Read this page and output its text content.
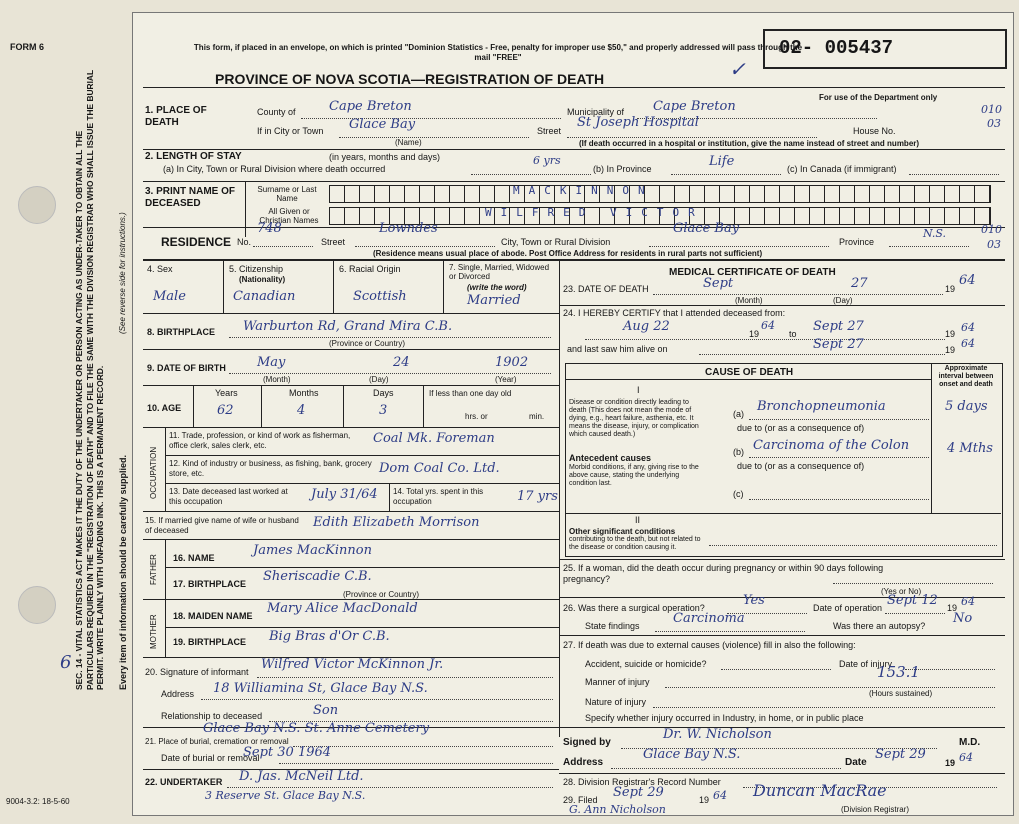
FORM 6
6
9004-3.2: 18-5-60
SEC. 14 - VITAL STATISTICS ACT MAKES IT THE DUTY OF THE UNDERTAKER OR PERSON ACTING AS UNDER-TAKER TO OBTAIN ALL THE PARTICULARS REQUIRED IN THE "REGISTRATION OF DEATH" AND TO FILE THE SAME WITH THE DIVISION REGISTRAR WHO SHALL ISSUE THE BURIAL PERMIT. WRITE PLAINLY WITH UNFADING INK. THIS IS A PERMANENT RECORD. Every item of information should be carefully supplied.
(See reverse side for instructions.)
This form, if placed in an envelope, on which is printed "Dominion Statistics - Free, penalty for improper use $50," and properly addressed will pass through the mail "FREE"
PROVINCE OF NOVA SCOTIA—REGISTRATION OF DEATH
02- 005437
✓
For use of the Department only
1. PLACE OF DEATH
County of	Cape Breton	Municipality of Cape Breton	010
03
If in City or Town Glace Bay
(Name)
Street
St Joseph Hospital
House No.
(If death occurred in a hospital or institution, give the name instead of street and number)
2. LENGTH OF STAY	(in years, months and days)
(a) In City, Town or Rural Division where death occurred
6 yrs
(b) In Province	Life	(c) In Canada (if immigrant)
3. PRINT NAME OF DECEASED
Surname or Last Name
MACKINNON
All Given or Christian Names
WILFRED VICTOR
RESIDENCE No.
748
Street
Lowndes
City, Town or Rural Division
Glace Bay
Province
N.S.	010
03
(Residence means usual place of abode. Post Office Address for residents in rural parts not sufficient)
4. Sex
Male
5. Citizenship
(Nationality)
Canadian
6. Racial Origin
Scottish
7. Single, Married, Widowed or Divorced
(write the word)
Married
8. BIRTHPLACE Warburton Rd, Grand Mira C.B.
(Province or Country)
9. DATE OF BIRTH May	24	1902
(Month)	(Day)	(Year)
10. AGE
Years	Months	Days
62	4	3
If less than one day old
hrs. or	min.
OCCUPATION
11. Trade, profession, or kind of work as fisherman, office clerk, sales clerk, etc.	Coal Mk. Foreman
12. Kind of industry or business, as fishing, bank, grocery store, etc.	Dom Coal Co. Ltd.
13. Date deceased last worked at this occupation	July 31/64 14. Total yrs. spent in this occupation	17 yrs
15. If married give name of wife or husband of deceased
Edith Elizabeth Morrison
FATHER 16. NAME	James MacKinnon
17. BIRTHPLACE Sheriscadie C.B.
(Province or Country)
MOTHER 18. MAIDEN NAME Mary Alice MacDonald
19. BIRTHPLACE Big Bras d'Or C.B.
20. Signature of informant Wilfred Victor McKinnon Jr.
Address 18 Williamina St, Glace Bay N.S.
Relationship to deceased	Son
21. Place of burial, cremation or removal
Glace Bay N.S. St. Anne Cemetery
Date of burial or removal
Sept 30 1964
22. UNDERTAKER D. Jas. McNeil Ltd.
3 Reserve St. Glace Bay N.S.
MEDICAL CERTIFICATE OF DEATH
23. DATE OF DEATH	Sept	27	19
64
(Month)	(Day)
24. I HEREBY CERTIFY that I attended deceased from:
Aug 22	19
64
to Sept 27	19 64
and last saw him alive on	Sept 27	19 64
CAUSE OF DEATH	Approximate interval between onset and death
I
Disease or condition directly leading to death (This does not mean the mode of dying, e.g., heart failure, asthenia, etc. It means the disease, injury, or complication which caused death.)
(a) Bronchopneumonia	5 days
due to (or as a consequence of)
Antecedent causes
Morbid conditions, if any, giving rise to the above cause, stating the underlying condition last.
(b) Carcinoma of the Colon	4 Mths
due to (or as a consequence of)
(c)
II
Other significant conditions
contributing to the death, but not related to the disease or condition causing it.
25. If a woman, did the death occur during pregnancy or within 90 days following pregnancy?
(Yes or No)
26. Was there a surgical operation?	Yes	Date of operation Sept 12 19 64
State findings	Carcinoma	Was there an autopsy? No
27. If death was due to external causes (violence) fill in also the following:
Accident, suicide or homicide?	Date of injury
Manner of injury
153.1
(Hours sustained)
Nature of injury
Specify whether injury occurred in Industry, in home, or in public place
Signed by
Dr. W. Nicholson
M.D.
Address
Glace Bay N.S.
Date
Sept 29
19 64
28. Division Registrar's Record Number
29. Filed Sept 29	19 64 Duncan MacRae
(Division Registrar)
G. Ann Nicholson
